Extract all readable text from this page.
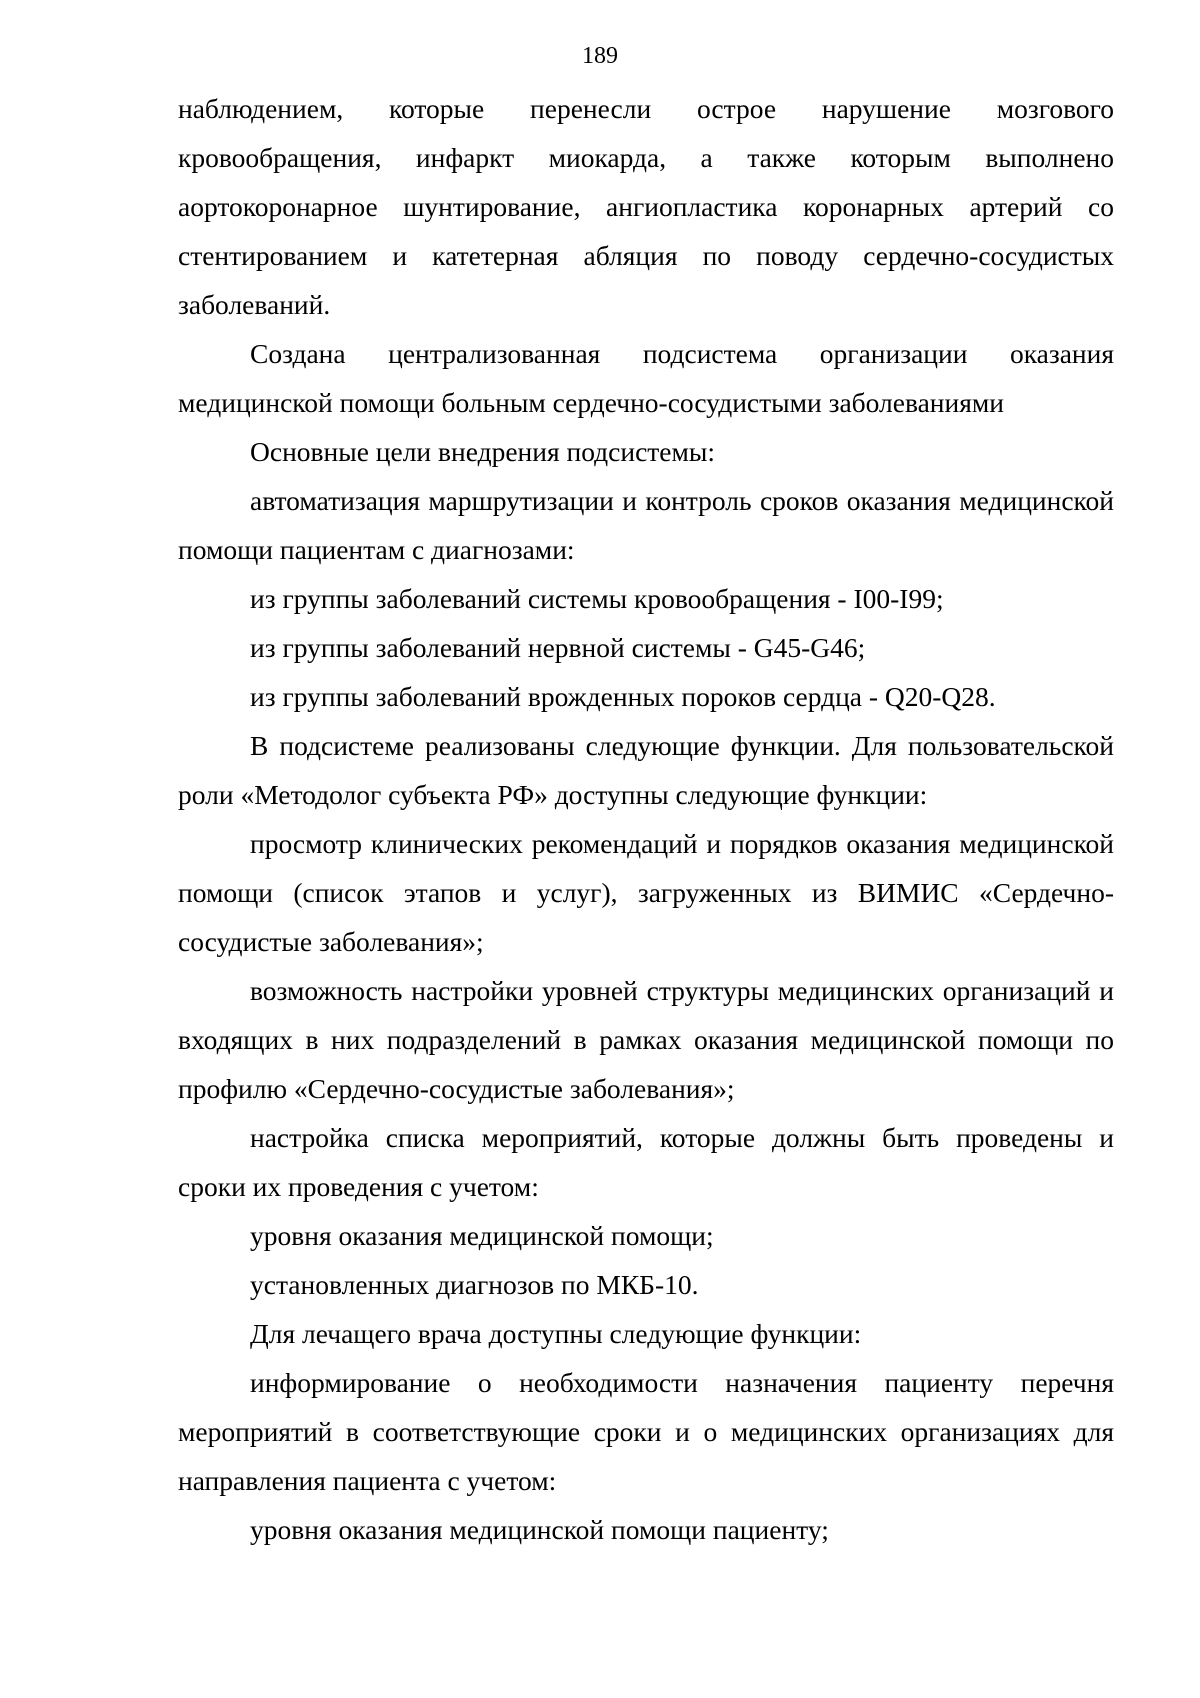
189

наблюдением, которые перенесли острое нарушение мозгового кровообращения, инфаркт миокарда, а также которым выполнено аортокоронарное шунтирование, ангиопластика коронарных артерий со стентированием и катетерная абляция по поводу сердечно-сосудистых заболеваний.

Создана централизованная подсистема организации оказания медицинской помощи больным сердечно-сосудистыми заболеваниями

Основные цели внедрения подсистемы:

автоматизация маршрутизации и контроль сроков оказания медицинской помощи пациентам с диагнозами:

из группы заболеваний системы кровообращения - I00-I99;

из группы заболеваний нервной системы - G45-G46;

из группы заболеваний врожденных пороков сердца - Q20-Q28.

В подсистеме реализованы следующие функции. Для пользовательской роли «Методолог субъекта РФ» доступны следующие функции:

просмотр клинических рекомендаций и порядков оказания медицинской помощи (список этапов и услуг), загруженных из ВИМИС «Сердечно-сосудистые заболевания»;

возможность настройки уровней структуры медицинских организаций и входящих в них подразделений в рамках оказания медицинской помощи по профилю «Сердечно-сосудистые заболевания»;

настройка списка мероприятий, которые должны быть проведены и сроки их проведения с учетом:

уровня оказания медицинской помощи;

установленных диагнозов по МКБ-10.

Для лечащего врача доступны следующие функции:

информирование о необходимости назначения пациенту перечня мероприятий в соответствующие сроки и о медицинских организациях для направления пациента с учетом:

уровня оказания медицинской помощи пациенту;
